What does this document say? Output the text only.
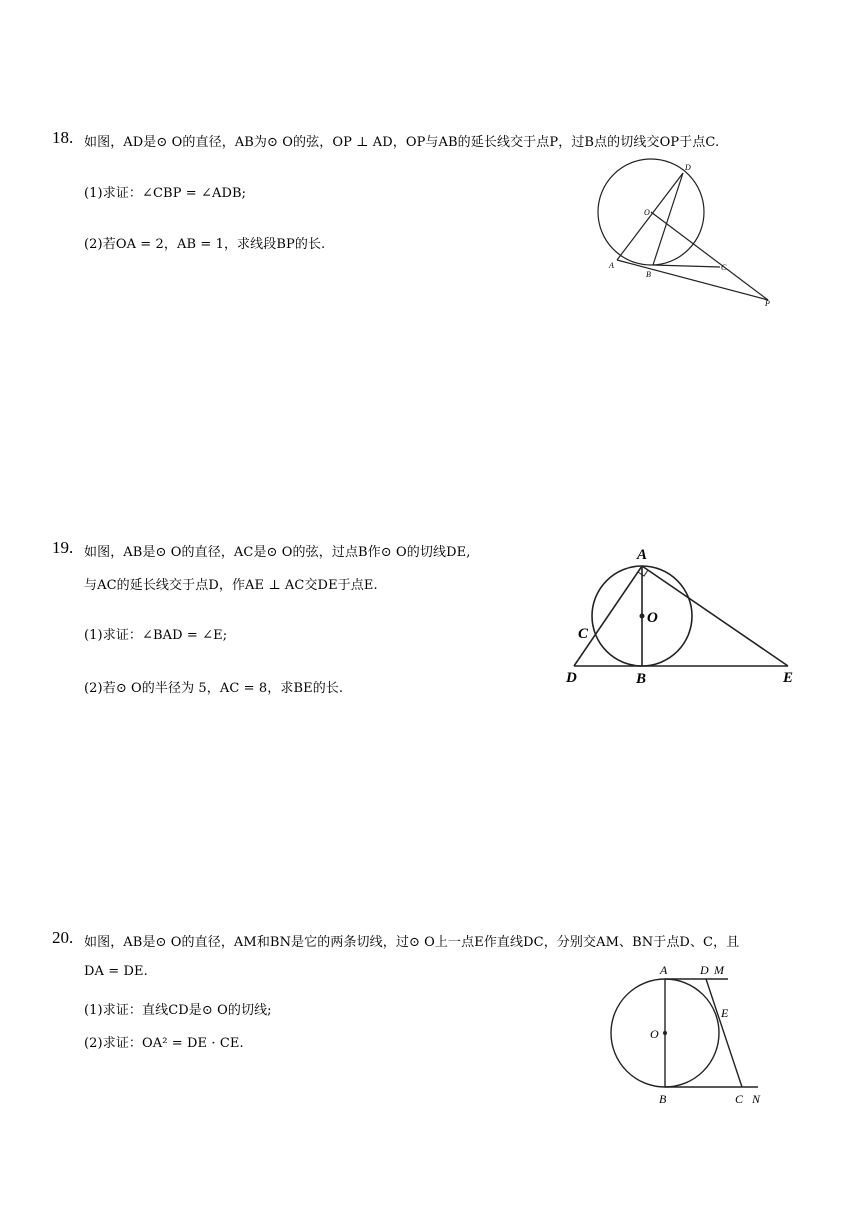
18. 如图，AD是⊙ O的直径，AB为⊙ O的弦，OP ⊥ AD，OP与AB的延长线交于点P，过B点的切线交OP于点C.
(1)求证：∠CBP = ∠ADB;
(2)若OA = 2，AB = 1，求线段BP的长.
D
O
A
B
C
P
19. 如图，AB是⊙ O的直径，AC是⊙ O的弦，过点B作⊙ O的切线DE,
与AC的延长线交于点D，作AE ⊥ AC交DE于点E.
(1)求证：∠BAD = ∠E;
(2)若⊙ O的半径为 5，AC = 8，求BE的长.
A
O
C
D	B	E
20. 如图，AB是⊙ O的直径，AM和BN是它的两条切线，过⊙ O上一点E作直线DC，分别交AM、BN于点D、C，且
DA = DE.
(1)求证：直线CD是⊙ O的切线;
(2)求证：OA² = DE · CE.
A	D M
E
O
B	C N
